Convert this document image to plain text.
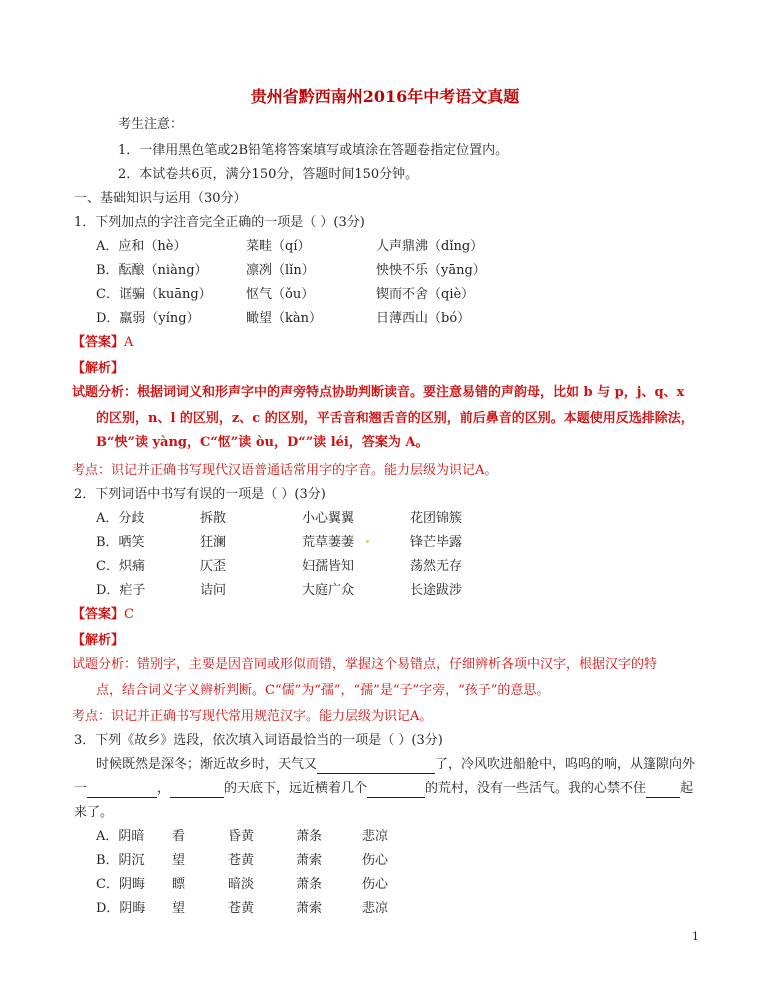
贵州省黔西南州2016年中考语文真题
考生注意：
1．一律用黑色笔或2B铅笔将答案填写或填涂在答题卷指定位置内。
2．本试卷共6页，满分150分，答题时间150分钟。
一、基础知识与运用（30分）
1．下列加点的字注音完全正确的一项是（ ）(3分)
A．应和（hè）	菜畦（qí）	人声鼎沸（dǐng）
B．酝酿（niàng）	凛冽（lǐn）	怏怏不乐（yāng）
C．诓骗（kuāng）	怄气（ǒu）	锲而不舍（qiè）
D．羸弱（yíng）	瞰望（kàn）	日薄西山（bó）
【答案】A
【解析】
试题分析：根据词词义和形声字中的声旁特点协助判断读音。要注意易错的声韵母，比如 b 与 p，j、q、x
的区别，n、l 的区别，z、c 的区别，平舌音和翘舌音的区别，前后鼻音的区别。本题使用反选排除法，
B“怏”读 yàng，C“怄”读 òu，D“”读 léi，答案为 A。
考点：识记并正确书写现代汉语普通话常用字的字音。能力层级为识记A。
2．下列词语中书写有误的一项是（ ）(3分)
A．分歧	拆散	小心翼翼	花团锦簇
B．哂笑	狂澜	荒草萋萋	锋芒毕露
C．炽痛	仄歪	妇孺皆知	荡然无存
D．疟子	诘问	大庭广众	长途跋涉
【答案】C
【解析】
试题分析：错别字，主要是因音同或形似而错，掌握这个易错点，仔细辨析各项中汉字，根据汉字的特
点，结合词义字义辨析判断。C“儒”为“孺”，“孺”是“子”字旁，“孩子”的意思。
考点：识记并正确书写现代常用规范汉字。能力层级为识记A。
3．下列《故乡》选段，依次填入词语最恰当的一项是（ ）(3分)
时候既然是深冬；渐近故乡时，天气又	了，冷风吹进船舱中，呜呜的响，从篷隙向外
一	，	的天底下，远近横着几个	的荒村，没有一些活气。我的心禁不住	起
来了。
A．阴暗 看	昏黄	萧条	悲凉
B．阴沉 望	苍黄	萧索	伤心
C．阴晦 瞟	暗淡	萧条	伤心
D．阴晦 望	苍黄	萧索	悲凉
1
